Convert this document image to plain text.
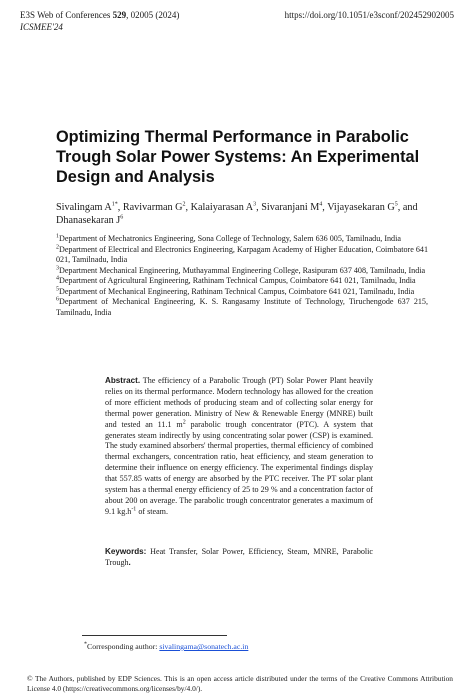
E3S Web of Conferences 529, 02005 (2024)	https://doi.org/10.1051/e3sconf/202452902005
ICSMEE'24
Optimizing Thermal Performance in Parabolic Trough Solar Power Systems: An Experimental Design and Analysis
Sivalingam $A^{1*}$, Ravivarman $G^2$, Kalaiyarasan $A^3$, Sivaranjani $M^4$, Vijayasekaran $G^5$, and Dhanasekaran $J^6$

$^1$Department of Mechatronics Engineering, Sona College of Technology, Salem 636 005, Tamilnadu, India

$^2$Department of Electrical and Electronics Engineering, Karpagam Academy of Higher Education, Coimbatore 641 021, Tamilnadu, India

$^3$Department Mechanical Engineering, Muthayammal Engineering College, Rasipuram 637 408, Tamilnadu, India

$^4$Department of Agricultural Engineering, Rathinam Technical Campus, Coimbatore 641 021, Tamilnadu, India

$^5$Department of Mechanical Engineering, Rathinam Technical Campus, Coimbatore 641 021, Tamilnadu, India

$^6$Department of Mechanical Engineering, K. S. Rangasamy Institute of Technology, Tiruchengode 637 215, Tamilnadu, India

Abstract. The efficiency of a Parabolic Trough (PT) Solar Power Plant heavily relies on its thermal performance. Modern technology has allowed for the creation of more efficient methods of producing steam and of collecting solar energy for thermal power generation. Ministry of New & Renewable Energy (MNRE) built and tested an 11.1 $m^2$ parabolic trough concentrator (PTC). A system that generates steam indirectly by using concentrating solar power (CSP) is examined. The study examined absorbers' thermal properties, thermal efficiency of combined thermal exchangers, concentration ratio, heat efficiency, and steam generation to determine their influence on energy efficiency. The experimental findings display that 557.85 watts of energy are absorbed by the PTC receiver. The PT solar plant system has a thermal energy efficiency of 25 to 29 % and a concentration factor of about 200 on average. The parabolic trough concentrator generates a maximum of 9.1 $kg.h^{-1}$ of steam.
Keywords: Heat Transfer, Solar Power, Efficiency, Steam, MNRE, Parabolic Trough.
*Corresponding author: sivalingama@sonatech.ac.in
© The Authors, published by EDP Sciences. This is an open access article distributed under the terms of the Creative Commons Attribution License 4.0 (https://creativecommons.org/licenses/by/4.0/).
